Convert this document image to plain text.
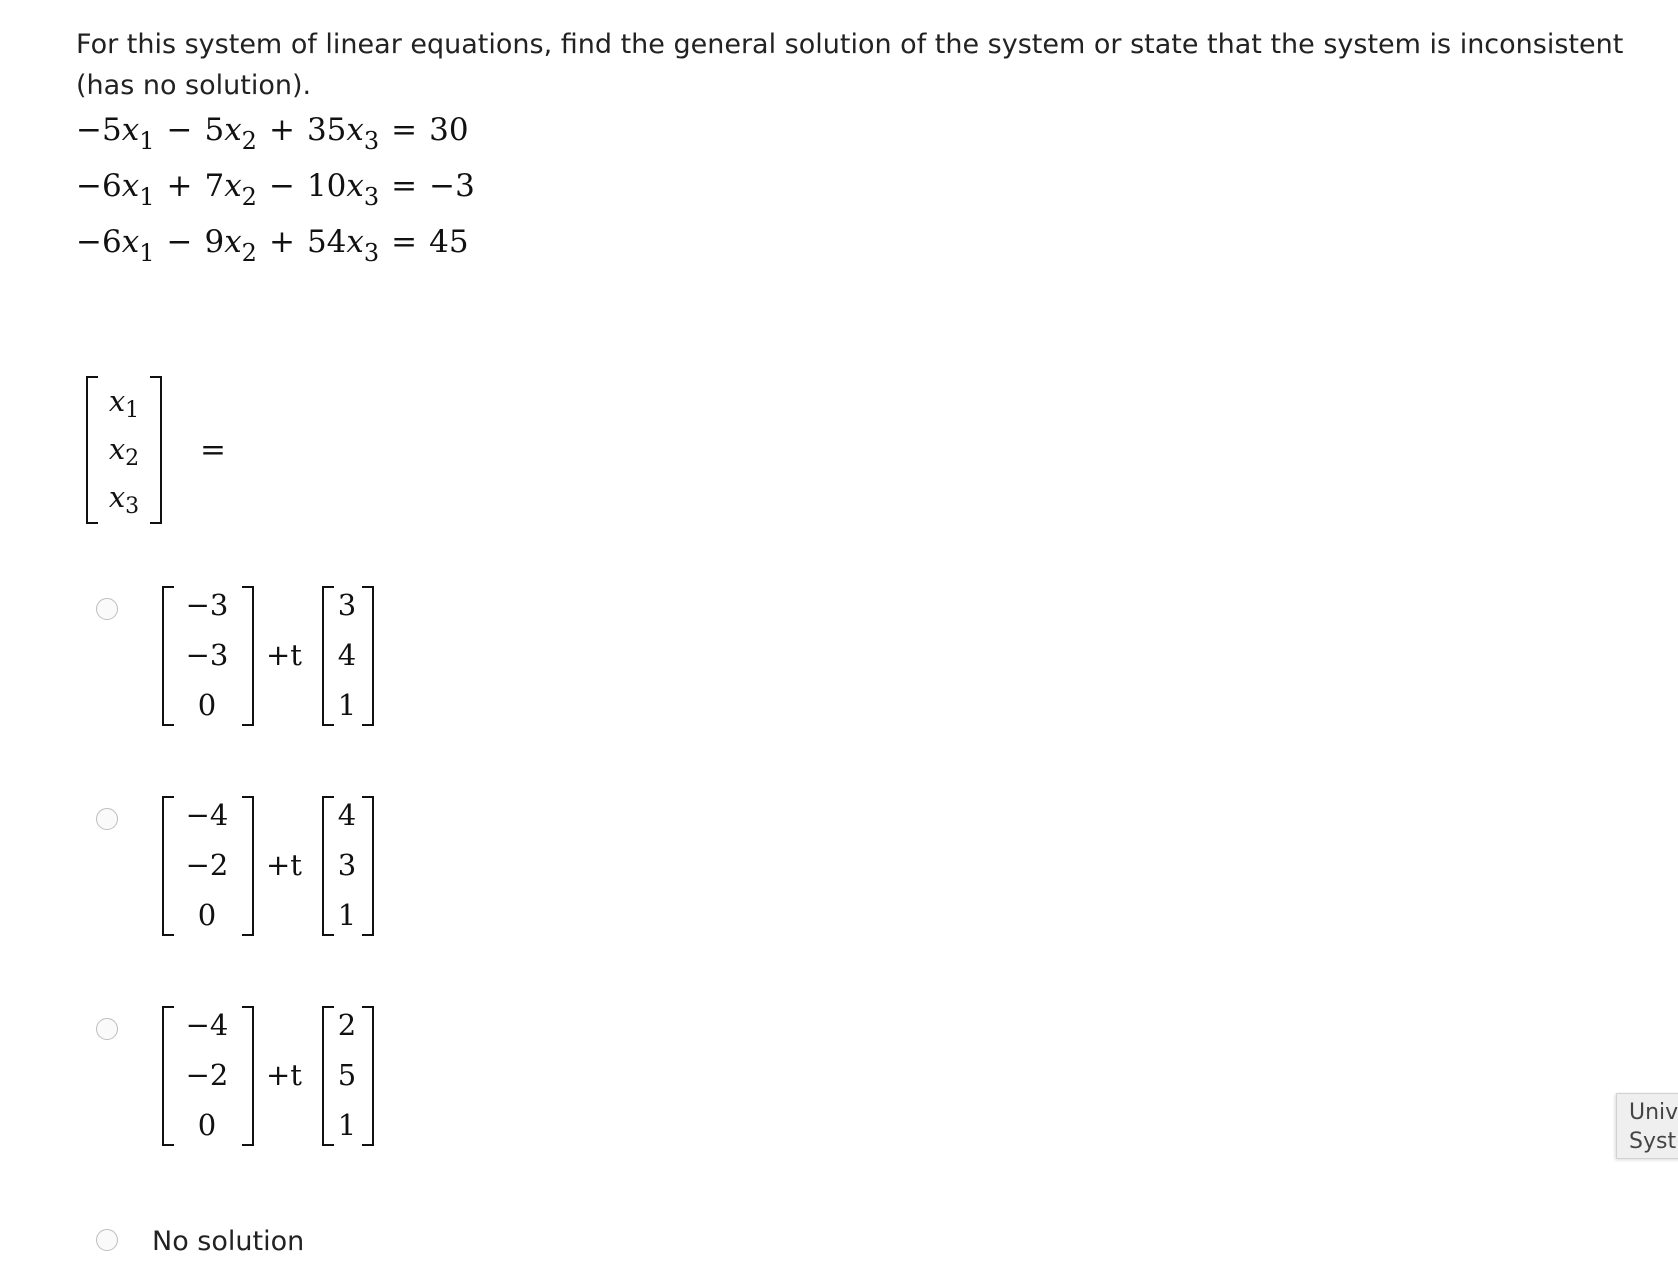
For this system of linear equations, find the general solution of the system or state that the system is inconsistent (has no solution).
$-5x_1 - 5x_2 + 35x_3 = 30$
$-6x_1 + 7x_2 - 10x_3 = -3$
$-6x_1 - 9x_2 + 54x_3 = 45$
$x_1$
$x_2$
$x_3$
=
−3
−3
0
+t
3
4
1
−4
−2
0
+t
4
3
1
−4
−2
0
+t
2
5
1
No solution
Univ
Syst
